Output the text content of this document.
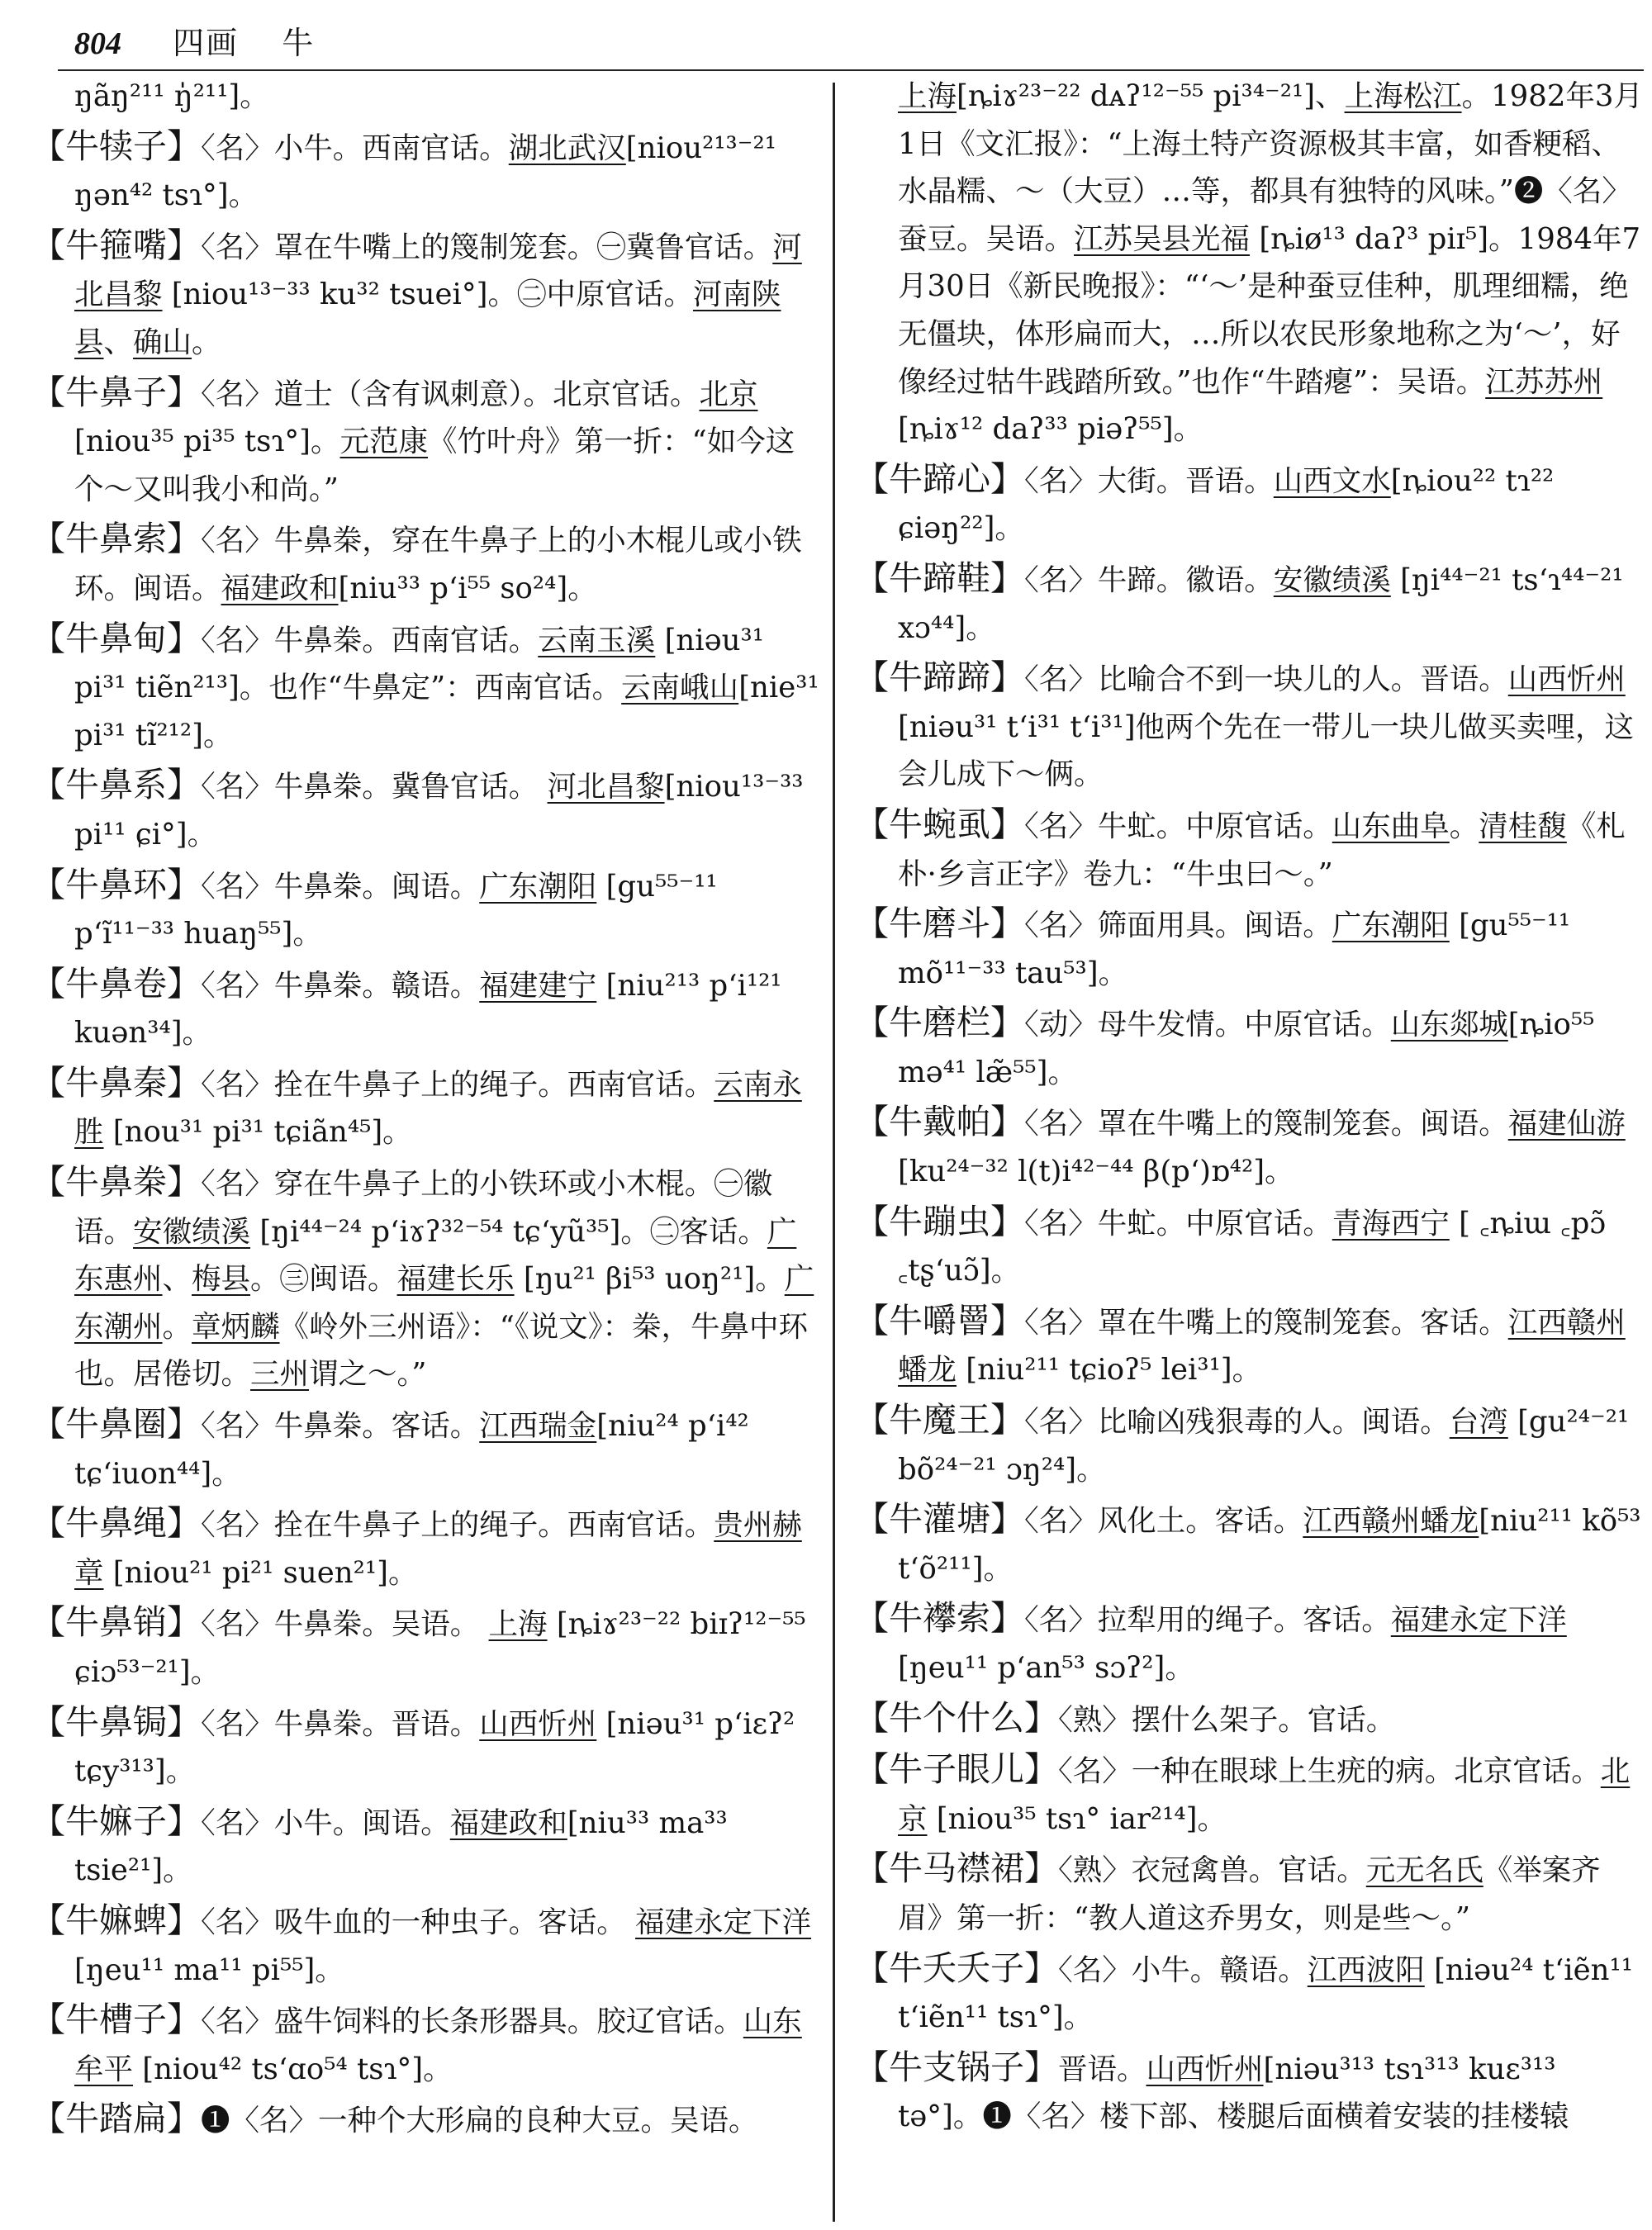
804 四画 牛
ŋãŋ²¹¹ ŋ̍²¹¹]。
【牛犊子】〈名〉小牛。西南官话。湖北武汉[niou²¹³⁻²¹ ŋən⁴² tsɿ°]。
【牛箍嘴】〈名〉罩在牛嘴上的篾制笼套。㊀冀鲁官话。河北昌黎 [niou¹³⁻³³ ku³² tsuei°]。㊁中原官话。河南陕县、确山。
【牛鼻子】〈名〉道士（含有讽刺意）。北京官话。北京[niou³⁵ pi³⁵ tsɿ°]。元范康《竹叶舟》第一折：“如今这个～又叫我小和尚。”
【牛鼻索】〈名〉牛鼻桊，穿在牛鼻子上的小木棍儿或小铁环。闽语。福建政和[niu³³ p‘i⁵⁵ so²⁴]。
【牛鼻甸】〈名〉牛鼻桊。西南官话。云南玉溪 [niəu³¹ pi³¹ tiẽn²¹³]。也作“牛鼻定”：西南官话。云南峨山[nie³¹ pi³¹ tĩ²¹²]。
【牛鼻系】〈名〉牛鼻桊。冀鲁官话。 河北昌黎[niou¹³⁻³³ pi¹¹ ɕi°]。
【牛鼻环】〈名〉牛鼻桊。闽语。广东潮阳 [gu⁵⁵⁻¹¹ p‘ĩ¹¹⁻³³ huaŋ⁵⁵]。
【牛鼻卷】〈名〉牛鼻桊。赣语。福建建宁 [niu²¹³ p‘i¹²¹ kuən³⁴]。
【牛鼻秦】〈名〉拴在牛鼻子上的绳子。西南官话。云南永胜 [nou³¹ pi³¹ tɕiãn⁴⁵]。
【牛鼻桊】〈名〉穿在牛鼻子上的小铁环或小木棍。㊀徽语。安徽绩溪 [ŋi⁴⁴⁻²⁴ p‘iɤʔ³²⁻⁵⁴ tɕ‘yũ³⁵]。㊁客话。广东惠州、梅县。㊂闽语。福建长乐 [ŋu²¹ βi⁵³ uoŋ²¹]。广东潮州。章炳麟《岭外三州语》：“《说文》：桊，牛鼻中环也。居倦切。三州谓之～。”
【牛鼻圈】〈名〉牛鼻桊。客话。江西瑞金[niu²⁴ p‘i⁴² tɕ‘iuon⁴⁴]。
【牛鼻绳】〈名〉拴在牛鼻子上的绳子。西南官话。贵州赫章 [niou²¹ pi²¹ suen²¹]。
【牛鼻销】〈名〉牛鼻桊。吴语。 上海 [ȵiɤ²³⁻²² biɪʔ¹²⁻⁵⁵ ɕiɔ⁵³⁻²¹]。
【牛鼻锔】〈名〉牛鼻桊。晋语。山西忻州 [niəu³¹ p‘iɛʔ² tɕy³¹³]。
【牛嫲子】〈名〉小牛。闽语。福建政和[niu³³ ma³³ tsie²¹]。
【牛嫲蜱】〈名〉吸牛血的一种虫子。客话。 福建永定下洋 [ŋeu¹¹ ma¹¹ pi⁵⁵]。
【牛槽子】〈名〉盛牛饲料的长条形器具。胶辽官话。山东牟平 [niou⁴² ts‘ɑo⁵⁴ tsɿ°]。
【牛踏扁】❶〈名〉一种个大形扁的良种大豆。吴语。
上海[ȵiɤ²³⁻²² dᴀʔ¹²⁻⁵⁵ pi³⁴⁻²¹]、上海松江。1982年3月1日《文汇报》：“上海土特产资源极其丰富，如香粳稻、水晶糯、～（大豆）…等，都具有独特的风味。”❷〈名〉蚕豆。吴语。江苏吴县光福 [ȵiø¹³ daʔ³ piɪ⁵]。1984年7月30日《新民晚报》：“‘～’是种蚕豆佳种，肌理细糯，绝无僵块，体形扁而大，…所以农民形象地称之为‘～’，好像经过牯牛践踏所致。”也作“牛踏瘪”：吴语。江苏苏州 [ȵiɤ¹² daʔ³³ piəʔ⁵⁵]。
【牛蹄心】〈名〉大街。晋语。山西文水[ȵiou²² tɿ²² ɕiəŋ²²]。
【牛蹄鞋】〈名〉牛蹄。徽语。安徽绩溪 [ŋi⁴⁴⁻²¹ ts‘ɿ⁴⁴⁻²¹ xɔ⁴⁴]。
【牛蹄蹄】〈名〉比喻合不到一块儿的人。晋语。山西忻州 [niəu³¹ t‘i³¹ t‘i³¹]他两个先在一带儿一块儿做买卖哩，这会儿成下～俩。
【牛蜿虱】〈名〉牛虻。中原官话。山东曲阜。清桂馥《札朴·乡言正字》卷九：“牛虫曰～。”
【牛磨斗】〈名〉筛面用具。闽语。广东潮阳 [gu⁵⁵⁻¹¹ mõ¹¹⁻³³ tau⁵³]。
【牛磨栏】〈动〉母牛发情。中原官话。山东郯城[ȵio⁵⁵ mə⁴¹ læ̃⁵⁵]。
【牛戴帕】〈名〉罩在牛嘴上的篾制笼套。闽语。福建仙游[ku²⁴⁻³² l(t)i⁴²⁻⁴⁴ β(p‘)ɒ⁴²]。
【牛蹦虫】〈名〉牛虻。中原官话。青海西宁 [ ꜀ȵiɯ ꜀pɔ̃ ꜀tʂ‘uɔ̃]。
【牛嚼罾】〈名〉罩在牛嘴上的篾制笼套。客话。江西赣州蟠龙 [niu²¹¹ tɕioʔ⁵ lei³¹]。
【牛魔王】〈名〉比喻凶残狠毒的人。闽语。台湾 [gu²⁴⁻²¹ bõ²⁴⁻²¹ ɔŋ²⁴]。
【牛灌塘】〈名〉风化土。客话。江西赣州蟠龙[niu²¹¹ kõ⁵³ t‘õ²¹¹]。
【牛襻索】〈名〉拉犁用的绳子。客话。福建永定下洋 [ŋeu¹¹ p‘an⁵³ sɔʔ²]。
【牛个什么】〈熟〉摆什么架子。官话。
【牛子眼儿】〈名〉一种在眼球上生疣的病。北京官话。北京 [niou³⁵ tsɿ° iar²¹⁴]。
【牛马襟裙】〈熟〉衣冠禽兽。官话。元无名氏《举案齐眉》第一折：“教人道这乔男女，则是些～。”
【牛夭夭子】〈名〉小牛。赣语。江西波阳 [niəu²⁴ t‘iẽn¹¹ t‘iẽn¹¹ tsɿ°]。
【牛支锅子】晋语。山西忻州[niəu³¹³ tsɿ³¹³ kuɛ³¹³ tə°]。❶〈名〉楼下部、楼腿后面横着安装的挂楼辕
